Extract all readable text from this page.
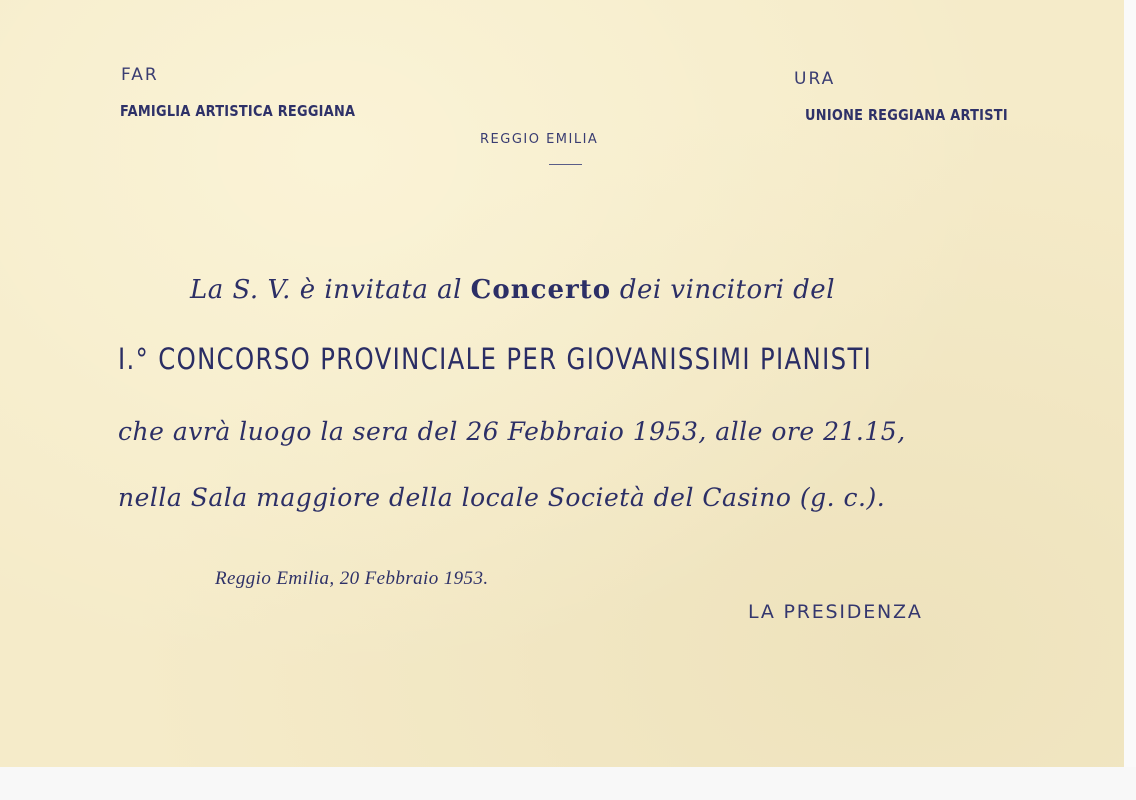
FAR
FAMIGLIA ARTISTICA REGGIANA
REGGIO EMILIA
URA
UNIONE REGGIANA ARTISTI
La S. V. è invitata al Concerto dei vincitori del
I.° CONCORSO PROVINCIALE PER GIOVANISSIMI PIANISTI
che avrà luogo la sera del 26 Febbraio 1953, alle ore 21.15,
nella Sala maggiore della locale Società del Casino (g. c.).
Reggio Emilia, 20 Febbraio 1953.
LA PRESIDENZA
